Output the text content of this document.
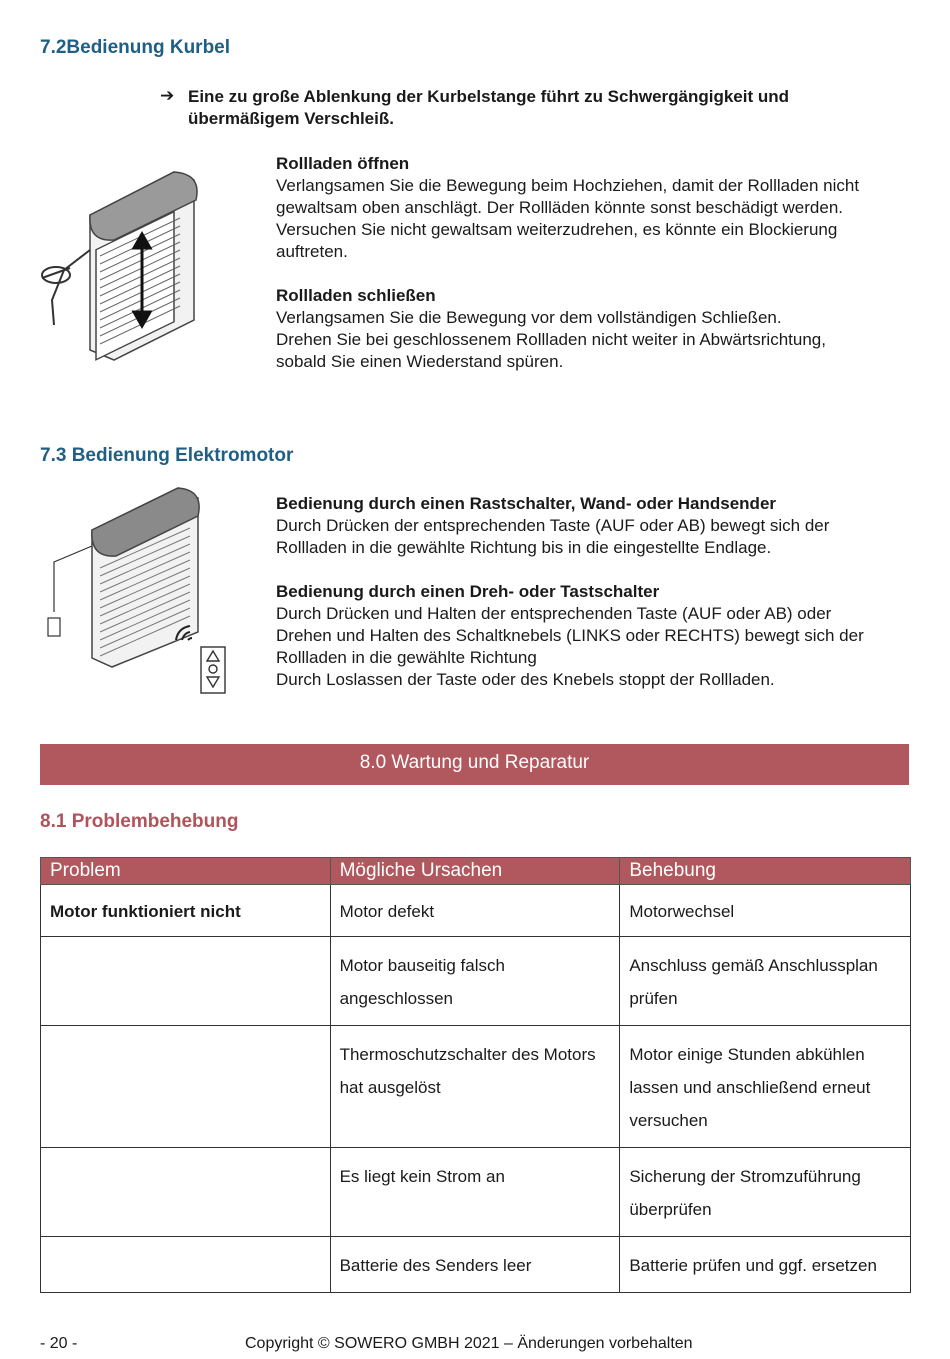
7.2Bedienung Kurbel
➔ Eine zu große Ablenkung der Kurbelstange führt zu Schwergängigkeit und
übermäßigem Verschleiß.
Rollladen öffnen
Verlangsamen Sie die Bewegung beim Hochziehen, damit der Rollladen nicht
gewaltsam oben anschlägt. Der Rollläden könnte sonst beschädigt werden.
Versuchen Sie nicht gewaltsam weiterzudrehen, es könnte ein Blockierung
auftreten.
Rollladen schließen
Verlangsamen Sie die Bewegung vor dem vollständigen Schließen.
Drehen Sie bei geschlossenem Rollladen nicht weiter in Abwärtsrichtung,
sobald Sie einen Wiederstand spüren.
7.3 Bedienung Elektromotor
Bedienung durch einen Rastschalter, Wand- oder Handsender
Durch Drücken der entsprechenden Taste (AUF oder AB) bewegt sich der
Rollladen in die gewählte Richtung bis in die eingestellte Endlage.
Bedienung durch einen Dreh- oder Tastschalter
Durch Drücken und Halten der entsprechenden Taste (AUF oder AB) oder
Drehen und Halten des Schaltknebels (LINKS oder RECHTS) bewegt sich der
Rollladen in die gewählte Richtung
Durch Loslassen der Taste oder des Knebels stoppt der Rollladen.
8.0 Wartung und Reparatur
8.1 Problembehebung
Problem	Mögliche Ursachen	Behebung
Motor funktioniert nicht	Motor defekt	Motorwechsel
	Motor bauseitig falsch angeschlossen	Anschluss gemäß Anschlussplan prüfen
	Thermoschutzschalter des Motors hat ausgelöst	Motor einige Stunden abkühlen lassen und anschließend erneut versuchen
	Es liegt kein Strom an	Sicherung der Stromzuführung überprüfen
	Batterie des Senders leer	Batterie prüfen und ggf. ersetzen
- 20 -	Copyright © SOWERO GMBH 2021 – Änderungen vorbehalten
